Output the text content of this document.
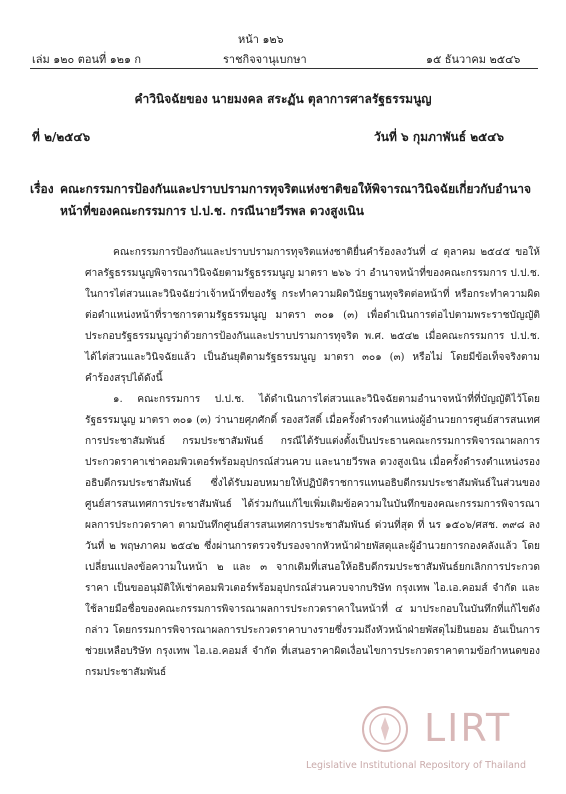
หน้า ๑๒๖
เล่ม ๑๒๐ ตอนที่ ๑๒๑ ก	ราชกิจจานุเบกษา	๑๕ ธันวาคม ๒๕๔๖
คำวินิจฉัยของ นายมงคล สระฏัน ตุลาการศาลรัฐธรรมนูญ
ที่ ๒/๒๕๔๖	วันที่ ๖ กุมภาพันธ์ ๒๕๔๖
เรื่อง คณะกรรมการป้องกันและปราบปรามการทุจริตแห่งชาติขอให้พิจารณาวินิจฉัยเกี่ยวกับอำนาจ
หน้าที่ของคณะกรรมการ ป.ป.ช. กรณีนายวีรพล ดวงสูงเนิน

คณะกรรมการป้องกันและปราบปรามการทุจริตแห่งชาติยื่นคำร้องลงวันที่ ๔ ตุลาคม ๒๕๔๕ ขอให้ศาลรัฐธรรมนูญพิจารณาวินิจฉัยตามรัฐธรรมนูญ มาตรา ๒๖๖ ว่า อำนาจหน้าที่ของคณะกรรมการ ป.ป.ช. ในการไต่สวนและวินิจฉัยว่าเจ้าหน้าที่ของรัฐ กระทำความผิดวินัยฐานทุจริตต่อหน้าที่ หรือกระทำความผิดต่อตำแหน่งหน้าที่ราชการตามรัฐธรรมนูญ มาตรา ๓๐๑ (๓) เพื่อดำเนินการต่อไปตามพระราชบัญญัติประกอบรัฐธรรมนูญว่าด้วยการป้องกันและปราบปรามการทุจริต พ.ศ. ๒๕๔๒ เมื่อคณะกรรมการ ป.ป.ช. ได้ไต่สวนและวินิจฉัยแล้ว เป็นอันยุติตามรัฐธรรมนูญ มาตรา ๓๐๑ (๓) หรือไม่ โดยมีข้อเท็จจริงตามคำร้องสรุปได้ดังนี้

๑. คณะกรรมการ ป.ป.ช. ได้ดำเนินการไต่สวนและวินิจฉัยตามอำนาจหน้าที่ที่บัญญัติไว้โดยรัฐธรรมนูญ มาตรา ๓๐๑ (๓) ว่านายศุภศักดิ์ รองสวัสดิ์ เมื่อครั้งดำรงตำแหน่งผู้อำนวยการศูนย์สารสนเทศการประชาสัมพันธ์ กรมประชาสัมพันธ์ กรณีได้รับแต่งตั้งเป็นประธานคณะกรรมการพิจารณาผลการประกวดราคาเช่าคอมพิวเตอร์พร้อมอุปกรณ์ส่วนควบ และนายวีรพล ดวงสูงเนิน เมื่อครั้งดำรงตำแหน่งรองอธิบดีกรมประชาสัมพันธ์ ซึ่งได้รับมอบหมายให้ปฏิบัติราชการแทนอธิบดีกรมประชาสัมพันธ์ในส่วนของศูนย์สารสนเทศการประชาสัมพันธ์ ได้ร่วมกันแก้ไขเพิ่มเติมข้อความในบันทึกของคณะกรรมการพิจารณาผลการประกวดราคา ตามบันทึกศูนย์สารสนเทศการประชาสัมพันธ์ ด่วนที่สุด ที่ นร ๑๕๐๖/ศสช. ๓๙๘ ลงวันที่ ๒ พฤษภาคม ๒๕๔๒ ซึ่งผ่านการตรวจรับรองจากหัวหน้าฝ่ายพัสดุและผู้อำนวยการกองคลังแล้ว โดยเปลี่ยนแปลงข้อความในหน้า ๒ และ ๓ จากเดิมที่เสนอให้อธิบดีกรมประชาสัมพันธ์ยกเลิกการประกวดราคา เป็นขออนุมัติให้เช่าคอมพิวเตอร์พร้อมอุปกรณ์ส่วนควบจากบริษัท กรุงเทพ ไอ.เอ.คอมส์ จำกัด และใช้ลายมือชื่อของคณะกรรมการพิจารณาผลการประกวดราคาในหน้าที่ ๔ มาประกอบในบันทึกที่แก้ไขดังกล่าว โดยกรรมการพิจารณาผลการประกวดราคาบางรายซึ่งรวมถึงหัวหน้าฝ่ายพัสดุไม่ยินยอม อันเป็นการช่วยเหลือบริษัท กรุงเทพ ไอ.เอ.คอมส์ จำกัด ที่เสนอราคาผิดเงื่อนไขการประกวดราคาตามข้อกำหนดของกรมประชาสัมพันธ์

LIRT
Legislative Institutional Repository of Thailand
